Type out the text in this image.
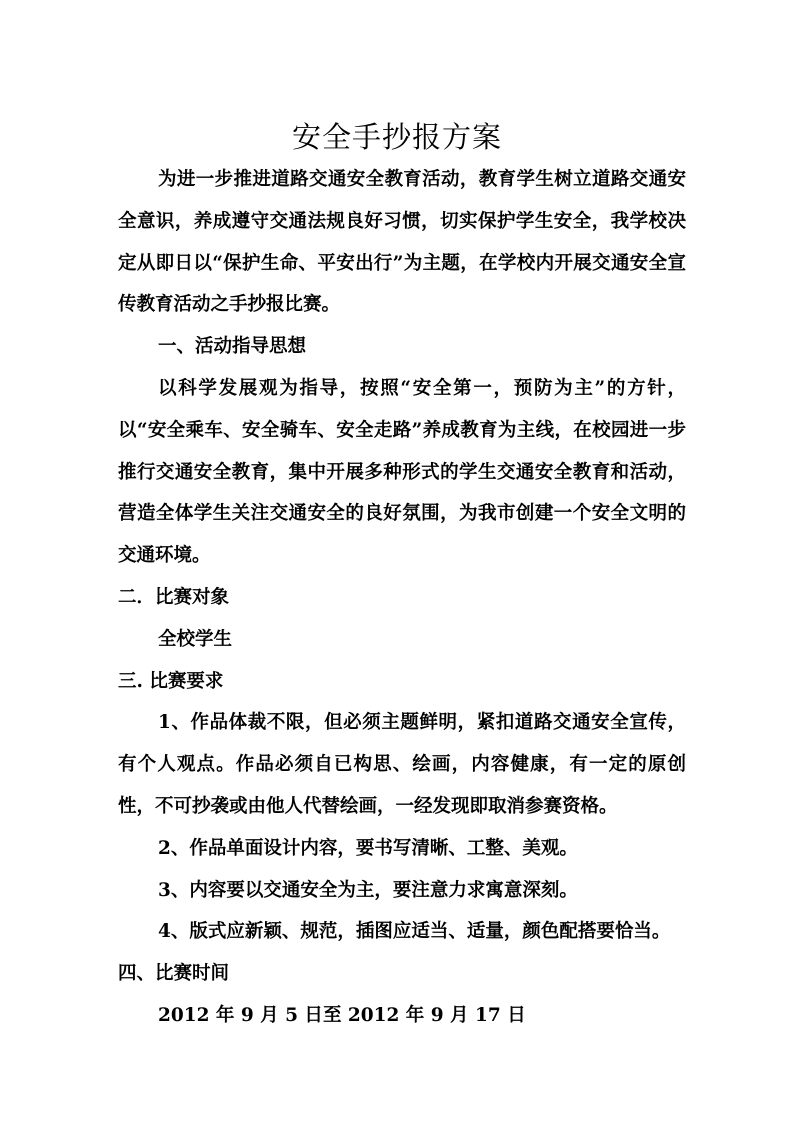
安全手抄报方案

为进一步推进道路交通安全教育活动，教育学生树立道路交通安全意识，养成遵守交通法规良好习惯，切实保护学生安全，我学校决定从即日以“保护生命、平安出行”为主题，在学校内开展交通安全宣传教育活动之手抄报比赛。

一、活动指导思想

以科学发展观为指导，按照“安全第一，预防为主”的方针，以“安全乘车、安全骑车、安全走路”养成教育为主线，在校园进一步推行交通安全教育，集中开展多种形式的学生交通安全教育和活动，营造全体学生关注交通安全的良好氛围，为我市创建一个安全文明的交通环境。

二．比赛对象

全校学生

三. 比赛要求

1、作品体裁不限，但必须主题鲜明，紧扣道路交通安全宣传，有个人观点。作品必须自已构思、绘画，内容健康，有一定的原创性，不可抄袭或由他人代替绘画，一经发现即取消参赛资格。

2、作品单面设计内容，要书写清晰、工整、美观。

3、内容要以交通安全为主，要注意力求寓意深刻。

4、版式应新颖、规范，插图应适当、适量，颜色配搭要恰当。

四、比赛时间

2012 年 9 月 5 日至 2012 年 9 月 17 日
